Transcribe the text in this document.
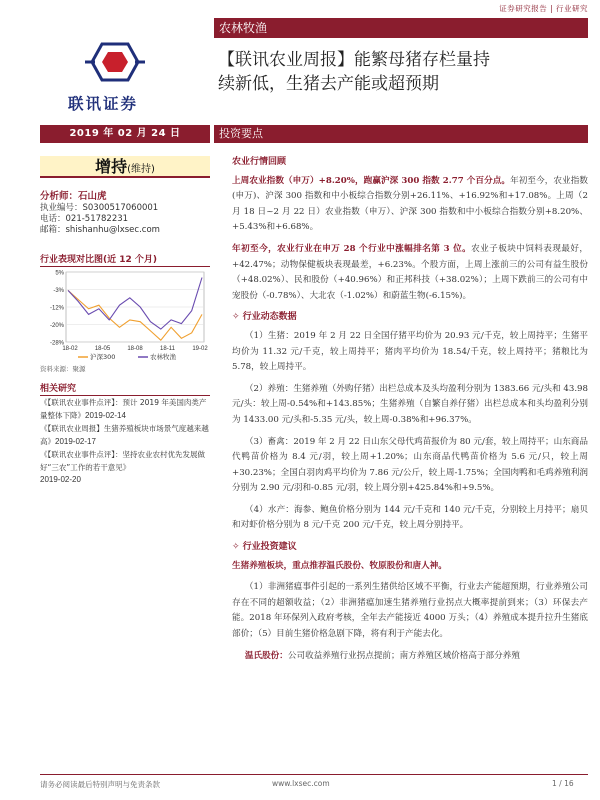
证券研究报告 | 行业研究
农林牧渔
联讯证券
【联讯农业周报】能繁母猪存栏量持
续新低，生猪去产能或超预期
2019 年 02 月 24 日	投资要点
增持(维持)
分析师：石山虎
执业编号：S0300517060001
电话：021-51782231
邮箱：shishanhu@lxsec.com
行业表现对比图(近 12 个月)
5%
-3%
-12%
-20%
-28%
18-02	18-05	18-08	18-11	19-02
沪深300	农林牧渔
资料来源：聚源
相关研究
《【联讯农业事件点评】：预计 2019 年美国肉类产量整体下降》2019-02-14
《【联讯农业周报】生猪养殖板块市场景气度越来越高》2019-02-17
《【联讯农业事件点评】：坚持农业农村优先发展做好“三农”工作的若干意见》
2019-02-20
农业行情回顾

上周农业指数（申万）+8.20%，跑赢沪深 300 指数 2.77 个百分点。年初至今，农业指数(申万)、沪深 300 指数和中小板综合指数分别+26.11%、+16.92%和+17.08%。上周（2 月 18 日~2 月 22 日）农业指数（申万）、沪深 300 指数和中小板综合指数分别+8.20%、+5.43%和+6.68%。

年初至今，农业行业在申万 28 个行业中涨幅排名第 3 位。农业子板块中饲料表现最好，+42.47%；动物保健板块表现最差，+6.23%。个股方面，上周上涨前三的公司有益生股份（+48.02%）、民和股份（+40.96%）和正邦科技（+38.02%）；上周下跌前三的公司有中宠股份（-0.78%）、大北农（-1.02%）和蔚蓝生物(-6.15%)。

✧ 行业动态数据

（1）生猪：2019 年 2 月 22 日全国仔猪平均价为 20.93 元/千克，较上周持平；生猪平均价为 11.32 元/千克，较上周持平；猪肉平均价为 18.54/千克，较上周持平；猪粮比为 5.78，较上周持平。

（2）养殖：生猪养殖（外购仔猪）出栏总成本及头均盈利分别为 1383.66 元/头和 43.98 元/头：较上周-0.54%和+143.85%；生猪养殖（自繁自养仔猪）出栏总成本和头均盈利分别为 1433.00 元/头和-5.35 元/头，较上周-0.38%和+96.37%。

（3）畜禽：2019 年 2 月 22 日山东父母代鸡苗报价为 80 元/套，较上周持平；山东商品代鸭苗价格为 8.4 元/羽，较上周+1.20%；山东商品代鸭苗价格为 5.6 元/只，较上周+30.23%；全国白羽肉鸡平均价为 7.86 元/公斤，较上周-1.75%；全国肉鸭和毛鸡养殖利润分别为 2.90 元/羽和-0.85 元/羽，较上周分别+425.84%和+9.5%。

（4）水产：海参、鲍鱼价格分别为 144 元/千克和 140 元/千克，分别较上月持平；扇贝和对虾价格分别为 8 元/千克 200 元/千克，较上周分别持平。

✧ 行业投资建议

生猪养殖板块，重点推荐温氏股份、牧原股份和唐人神。

（1）非洲猪瘟事件引起的一系列生猪供给区域不平衡，行业去产能超预期，行业养殖公司存在不同的超额收益；（2）非洲猪瘟加速生猪养殖行业拐点大概率提前到来；（3）环保去产能。2018 年环保列入政府考核，全年去产能接近 4000 万头；（4）养殖成本提升拉升生猪底部价；（5）目前生猪价格急剧下降，将有利于产能去化。

温氏股份：公司收益养殖行业拐点提前；南方养殖区域价格高于部分养殖

请务必阅读最后特别声明与免责条款	www.lxsec.com	1 / 16
